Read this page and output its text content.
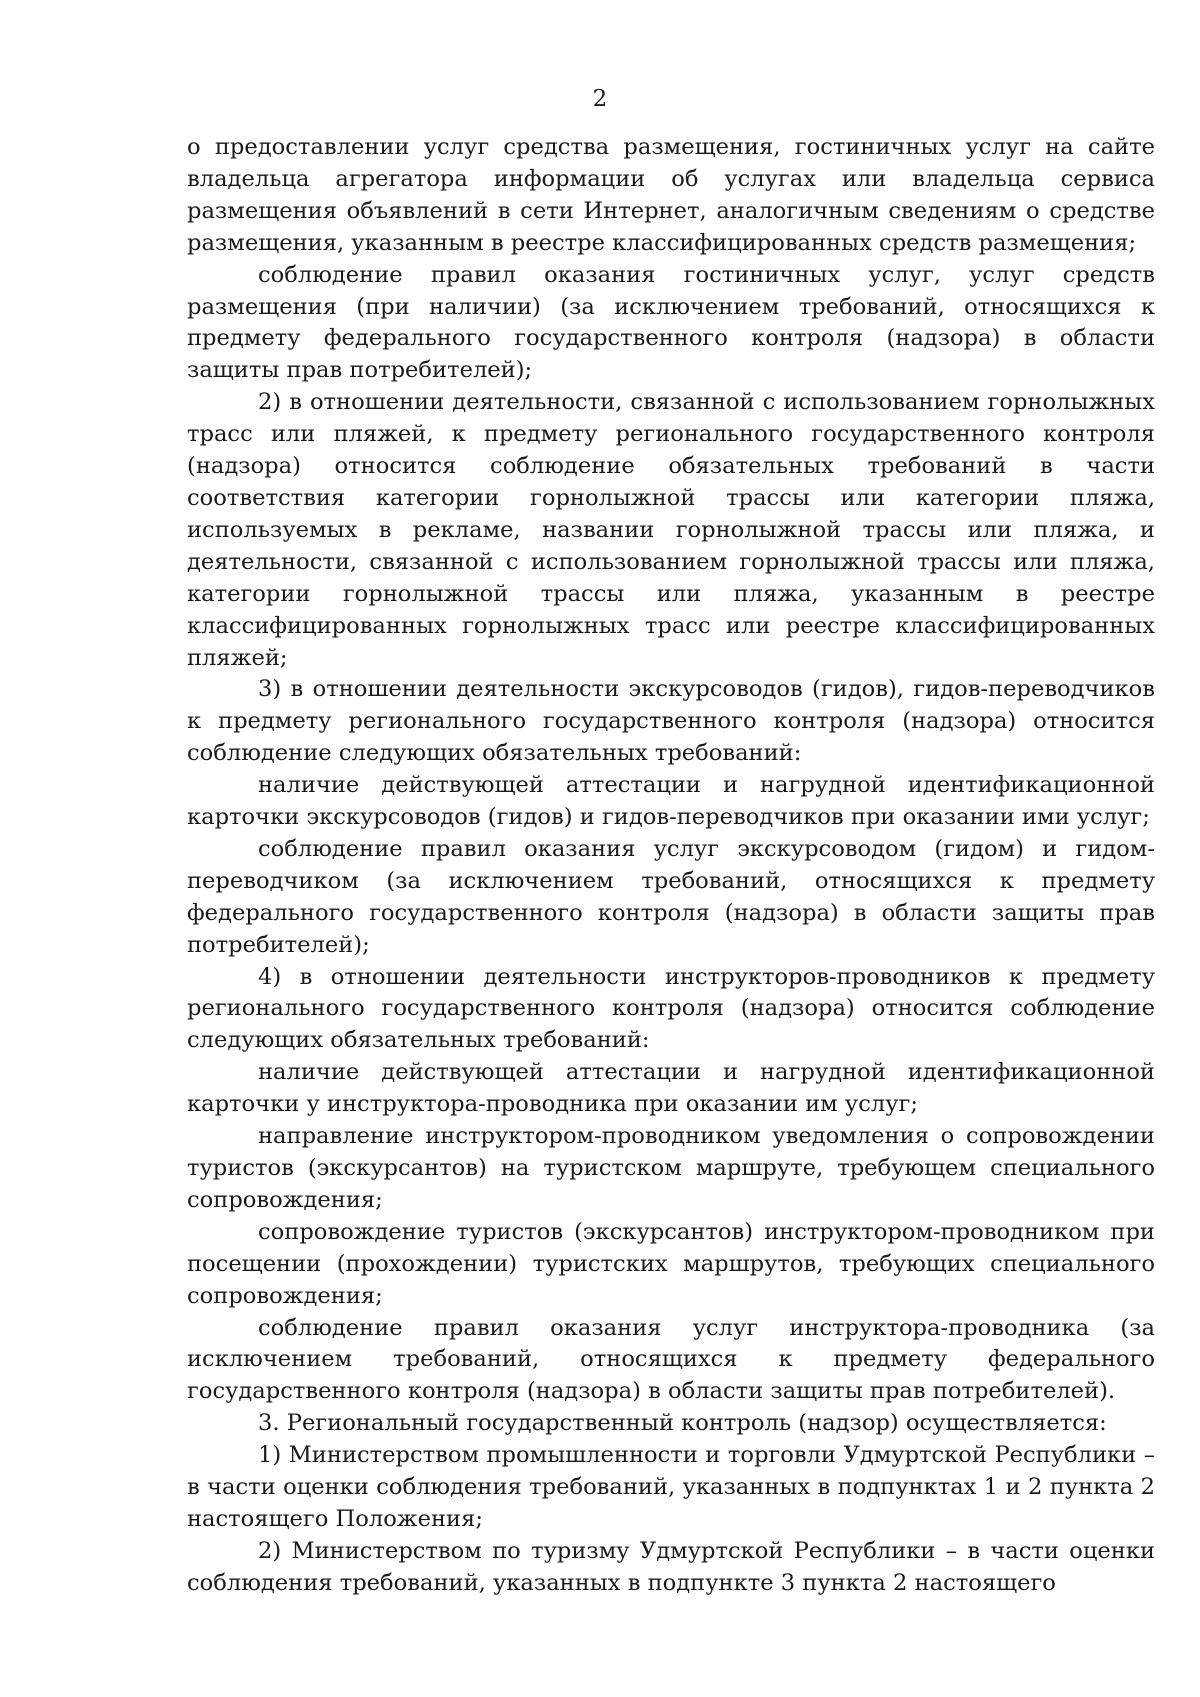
2

о предоставлении услуг средства размещения, гостиничных услуг на сайте владельца агрегатора информации об услугах или владельца сервиса размещения объявлений в сети Интернет, аналогичным сведениям о средстве размещения, указанным в реестре классифицированных средств размещения;

соблюдение правил оказания гостиничных услуг, услуг средств размещения (при наличии) (за исключением требований, относящихся к предмету федерального государственного контроля (надзора) в области защиты прав потребителей);

2) в отношении деятельности, связанной с использованием горнолыжных трасс или пляжей, к предмету регионального государственного контроля (надзора) относится соблюдение обязательных требований в части соответствия категории горнолыжной трассы или категории пляжа, используемых в рекламе, названии горнолыжной трассы или пляжа, и деятельности, связанной с использованием горнолыжной трассы или пляжа, категории горнолыжной трассы или пляжа, указанным в реестре классифицированных горнолыжных трасс или реестре классифицированных пляжей;

3) в отношении деятельности экскурсоводов (гидов), гидов-переводчиков к предмету регионального государственного контроля (надзора) относится соблюдение следующих обязательных требований:

наличие действующей аттестации и нагрудной идентификационной карточки экскурсоводов (гидов) и гидов-переводчиков при оказании ими услуг;

соблюдение правил оказания услуг экскурсоводом (гидом) и гидом-переводчиком (за исключением требований, относящихся к предмету федерального государственного контроля (надзора) в области защиты прав потребителей);

4) в отношении деятельности инструкторов-проводников к предмету регионального государственного контроля (надзора) относится соблюдение следующих обязательных требований:

наличие действующей аттестации и нагрудной идентификационной карточки у инструктора-проводника при оказании им услуг;

направление инструктором-проводником уведомления о сопровождении туристов (экскурсантов) на туристском маршруте, требующем специального сопровождения;

сопровождение туристов (экскурсантов) инструктором-проводником при посещении (прохождении) туристских маршрутов, требующих специального сопровождения;

соблюдение правил оказания услуг инструктора-проводника (за исключением требований, относящихся к предмету федерального государственного контроля (надзора) в области защиты прав потребителей).

3. Региональный государственный контроль (надзор) осуществляется:

1) Министерством промышленности и торговли Удмуртской Республики – в части оценки соблюдения требований, указанных в подпунктах 1 и 2 пункта 2 настоящего Положения;

2) Министерством по туризму Удмуртской Республики – в части оценки соблюдения требований, указанных в подпункте 3 пункта 2 настоящего
